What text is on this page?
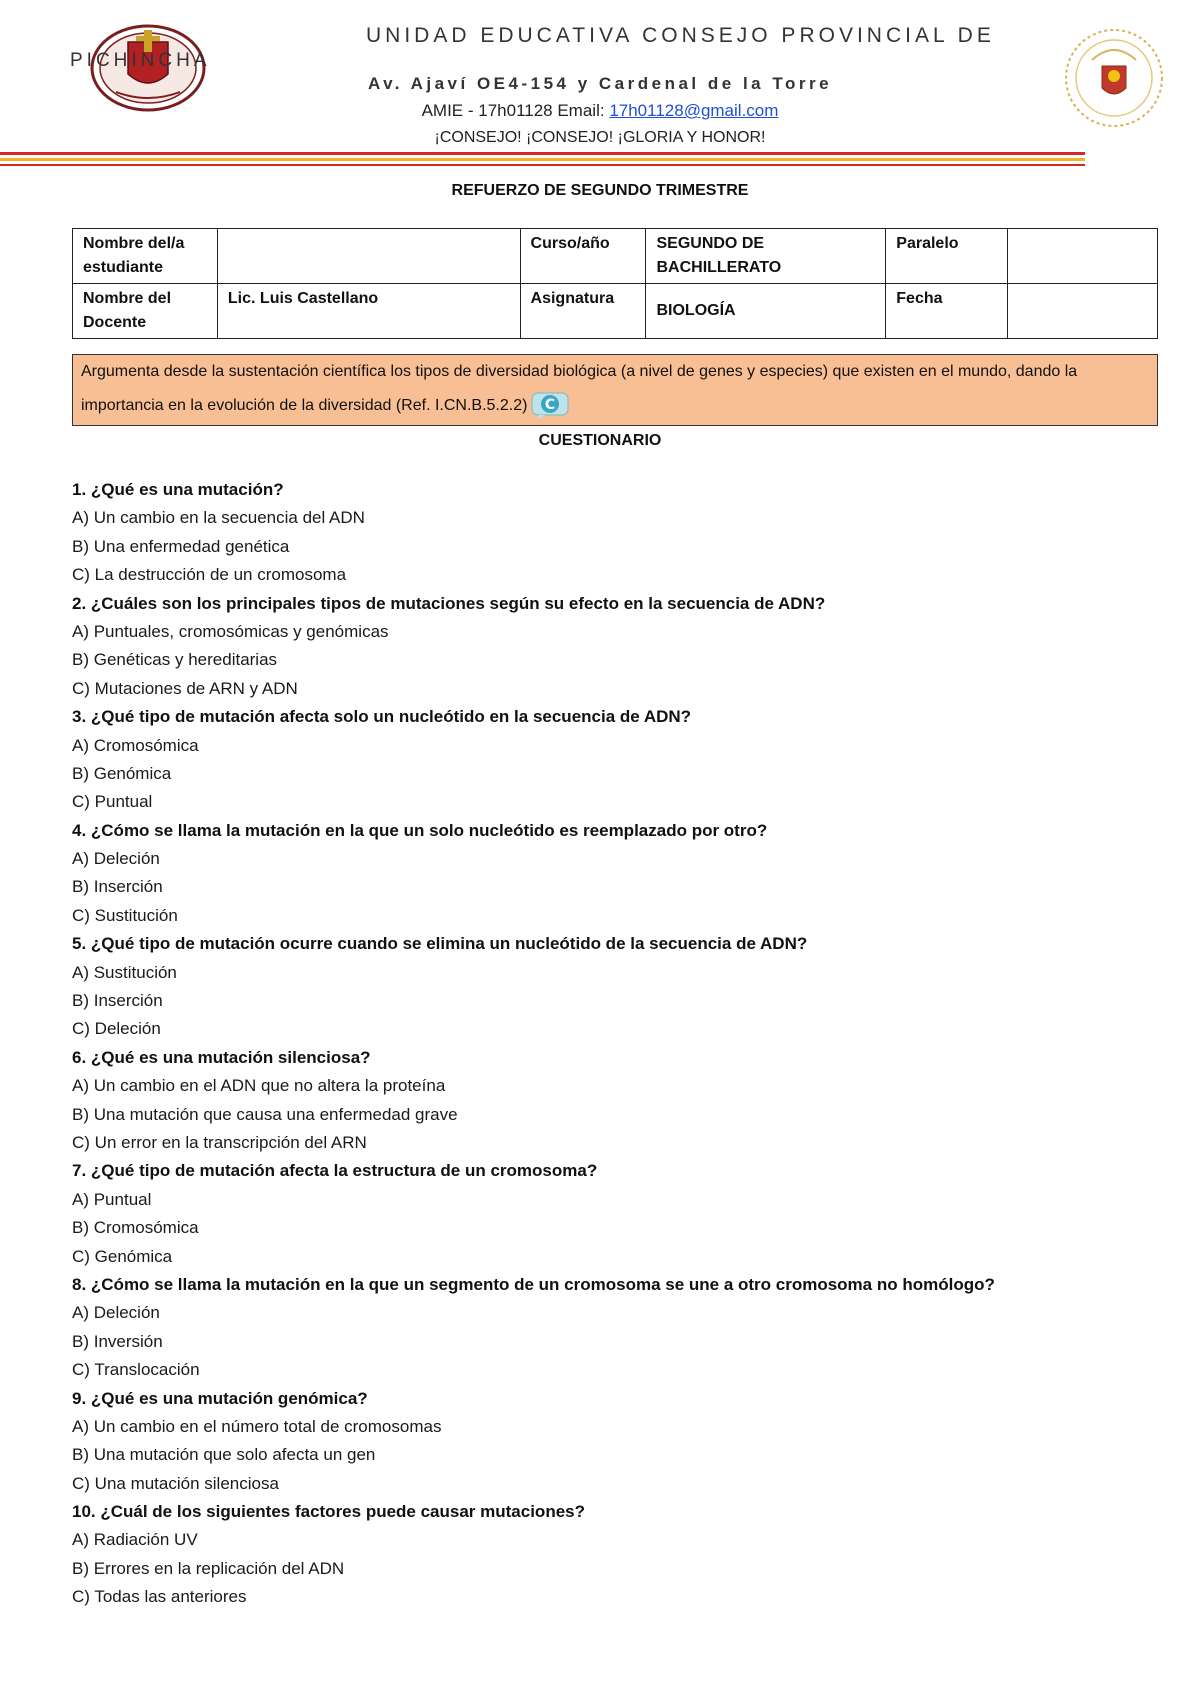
UNIDAD EDUCATIVA CONSEJO PROVINCIAL DE
PICHINCHA
Av. Ajaví OE4-154 y Cardenal de la Torre
AMIE - 17h01128 Email: 17h01128@gmail.com
¡CONSEJO! ¡CONSEJO! ¡GLORIA Y HONOR!
REFUERZO DE SEGUNDO TRIMESTRE
Nombre del/a estudiante		Curso/año	SEGUNDO DE BACHILLERATO	Paralelo	
Nombre del Docente	Lic. Luis Castellano	Asignatura	BIOLOGÍA	Fecha	
Argumenta desde la sustentación científica los tipos de diversidad biológica (a nivel de genes y especies) que existen en el mundo, dando la importancia en la evolución de la diversidad (Ref. I.CN.B.5.2.2) C
CUESTIONARIO
1. ¿Qué es una mutación?
A) Un cambio en la secuencia del ADN
B) Una enfermedad genética
C) La destrucción de un cromosoma
2. ¿Cuáles son los principales tipos de mutaciones según su efecto en la secuencia de ADN?
A) Puntuales, cromosómicas y genómicas
B) Genéticas y hereditarias
C) Mutaciones de ARN y ADN
3. ¿Qué tipo de mutación afecta solo un nucleótido en la secuencia de ADN?
A) Cromosómica
B) Genómica
C) Puntual
4. ¿Cómo se llama la mutación en la que un solo nucleótido es reemplazado por otro?
A) Deleción
B) Inserción
C) Sustitución
5. ¿Qué tipo de mutación ocurre cuando se elimina un nucleótido de la secuencia de ADN?
A) Sustitución
B) Inserción
C) Deleción
6. ¿Qué es una mutación silenciosa?
A) Un cambio en el ADN que no altera la proteína
B) Una mutación que causa una enfermedad grave
C) Un error en la transcripción del ARN
7. ¿Qué tipo de mutación afecta la estructura de un cromosoma?
A) Puntual
B) Cromosómica
C) Genómica
8. ¿Cómo se llama la mutación en la que un segmento de un cromosoma se une a otro cromosoma no homólogo?
A) Deleción
B) Inversión
C) Translocación
9. ¿Qué es una mutación genómica?
A) Un cambio en el número total de cromosomas
B) Una mutación que solo afecta un gen
C) Una mutación silenciosa
10. ¿Cuál de los siguientes factores puede causar mutaciones?
A) Radiación UV
B) Errores en la replicación del ADN
C) Todas las anteriores
